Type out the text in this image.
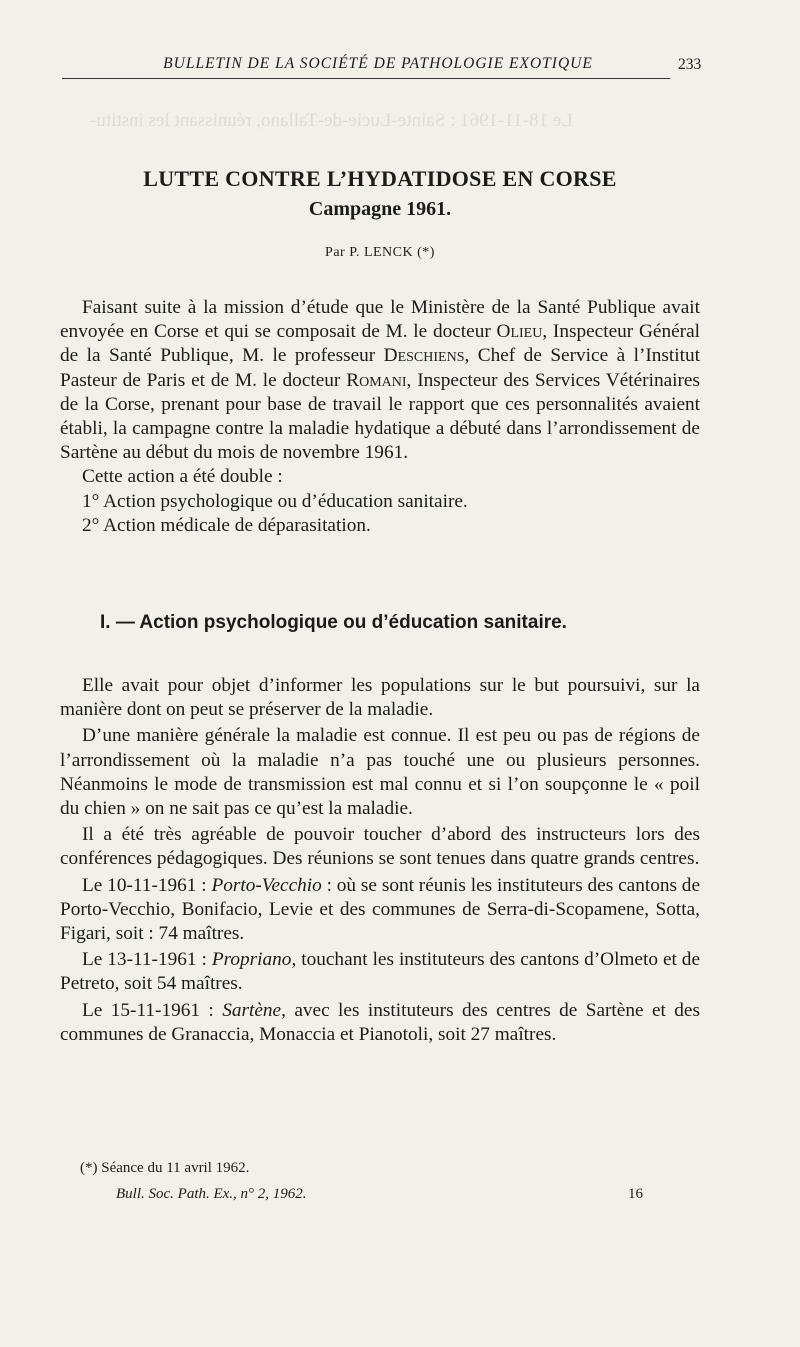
Le 18-11-1961 : Sainte-Lucie-de-Tallano, réunissant les institu-
BULLETIN DE LA SOCIÉTÉ DE PATHOLOGIE EXOTIQUE	233
LUTTE CONTRE L’HYDATIDOSE EN CORSE
Campagne 1961.
Par P. LENCK (*)

Faisant suite à la mission d’étude que le Ministère de la Santé Publique avait envoyée en Corse et qui se composait de M. le docteur Olieu, Inspecteur Général de la Santé Publique, M. le professeur Deschiens, Chef de Service à l’Institut Pasteur de Paris et de M. le docteur Romani, Inspecteur des Services Vétérinaires de la Corse, prenant pour base de travail le rapport que ces personnalités avaient établi, la campagne contre la maladie hydatique a débuté dans l’arrondissement de Sartène au début du mois de novembre 1961.

Cette action a été double :

1° Action psychologique ou d’éducation sanitaire.

2° Action médicale de déparasitation.

I. — Action psychologique ou d’éducation sanitaire.

Elle avait pour objet d’informer les populations sur le but poursuivi, sur la manière dont on peut se préserver de la maladie.

D’une manière générale la maladie est connue. Il est peu ou pas de régions de l’arrondissement où la maladie n’a pas touché une ou plusieurs personnes. Néanmoins le mode de transmission est mal connu et si l’on soupçonne le « poil du chien » on ne sait pas ce qu’est la maladie.

Il a été très agréable de pouvoir toucher d’abord des instructeurs lors des conférences pédagogiques. Des réunions se sont tenues dans quatre grands centres.

Le 10-11-1961 : Porto-Vecchio : où se sont réunis les instituteurs des cantons de Porto-Vecchio, Bonifacio, Levie et des communes de Serra-di-Scopamene, Sotta, Figari, soit : 74 maîtres.

Le 13-11-1961 : Propriano, touchant les instituteurs des cantons d’Olmeto et de Petreto, soit 54 maîtres.

Le 15-11-1961 : Sartène, avec les instituteurs des centres de Sartène et des communes de Granaccia, Monaccia et Pianotoli, soit 27 maîtres.

(*) Séance du 11 avril 1962.
Bull. Soc. Path. Ex., n° 2, 1962.	16
